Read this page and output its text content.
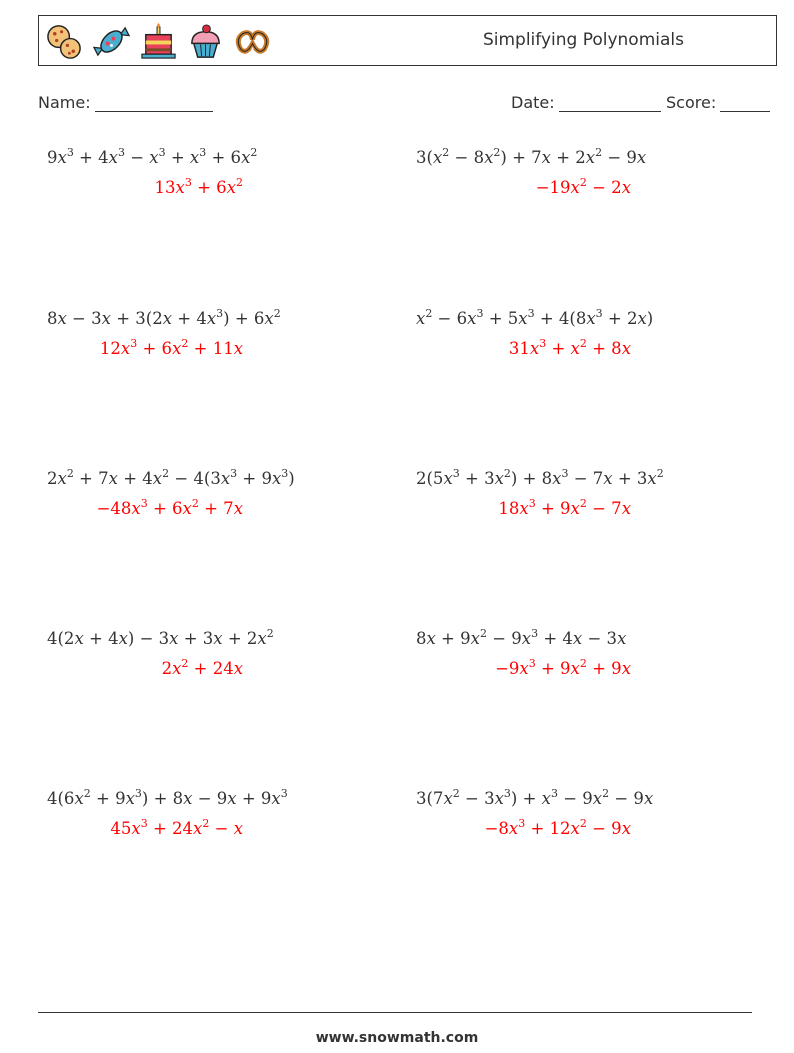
Simplifying Polynomials
Name:	Date:	Score:
$9x^3 + 4x^3 - x^3 + x^3 + 6x^2$
$13x^3 + 6x^2$
$3(x^2 - 8x^2) + 7x + 2x^2 - 9x$
$-19x^2 - 2x$
$8x - 3x + 3(2x + 4x^3) + 6x^2$
$12x^3 + 6x^2 + 11x$
$x^2 - 6x^3 + 5x^3 + 4(8x^3 + 2x)$
$31x^3 + x^2 + 8x$
$2x^2 + 7x + 4x^2 - 4(3x^3 + 9x^3)$
$-48x^3 + 6x^2 + 7x$
$2(5x^3 + 3x^2) + 8x^3 - 7x + 3x^2$
$18x^3 + 9x^2 - 7x$
$4(2x + 4x) - 3x + 3x + 2x^2$
$2x^2 + 24x$
$8x + 9x^2 - 9x^3 + 4x - 3x$
$-9x^3 + 9x^2 + 9x$
$4(6x^2 + 9x^3) + 8x - 9x + 9x^3$
$45x^3 + 24x^2 - x$
$3(7x^2 - 3x^3) + x^3 - 9x^2 - 9x$
$-8x^3 + 12x^2 - 9x$
www.snowmath.com
